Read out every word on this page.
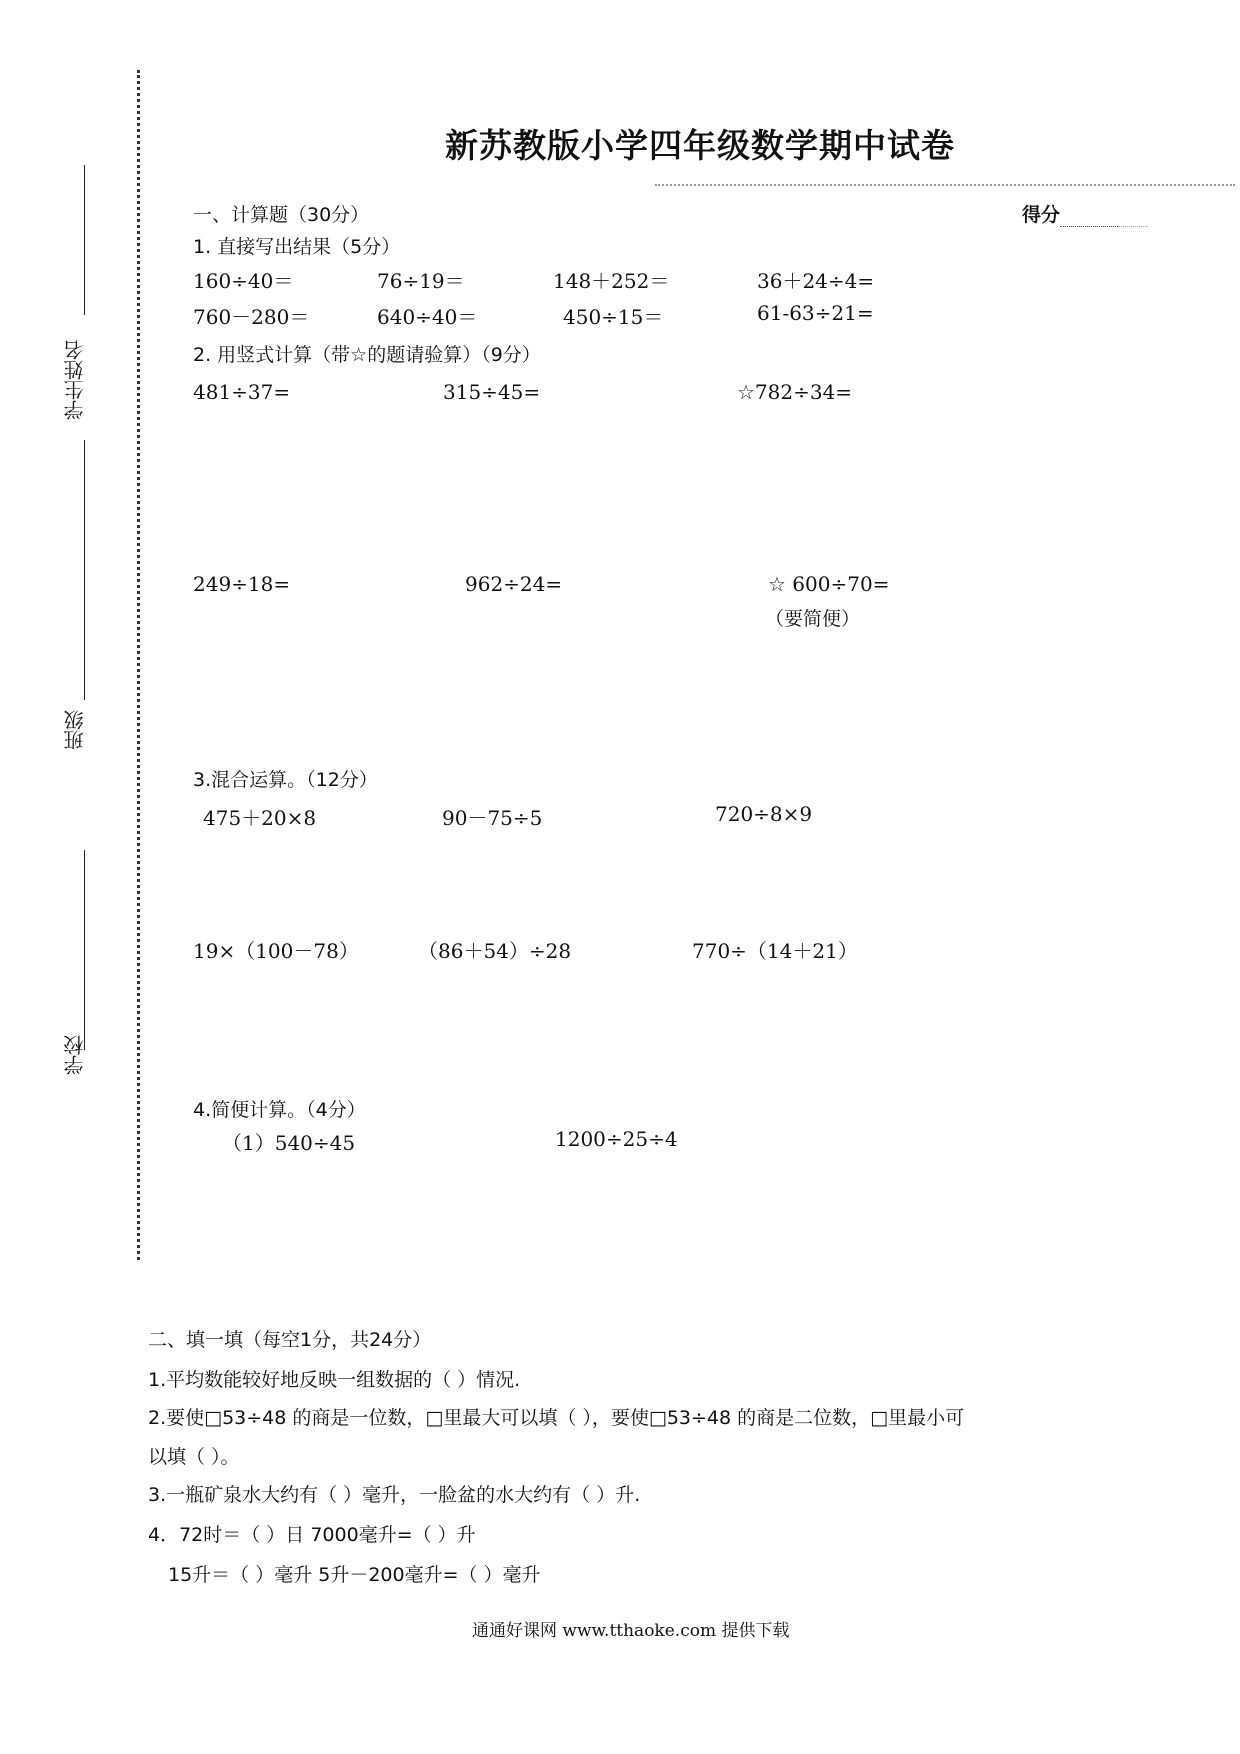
学生姓名
班级
学校
新苏教版小学四年级数学期中试卷
得分
一、计算题（30分）
1. 直接写出结果（5分）
160÷40＝	76÷19＝	148＋252＝	36＋24÷4=
760－280＝	640÷40＝	450÷15＝	61-63÷21=
2. 用竖式计算（带☆的题请验算）（9分）
481÷37=	315÷45=	☆782÷34=
249÷18=	962÷24=	☆ 600÷70=
（要简便）
3.混合运算。（12分）
475＋20×8	90－75÷5	720÷8×9
19×（100－78）	（86＋54）÷28	770÷（14＋21）
4.简便计算。（4分）
（1）540÷45	1200÷25÷4
二、填一填（每空1分，共24分）
1.平均数能较好地反映一组数据的（ ）情况.
2.要使□53÷48 的商是一位数，□里最大可以填（ ），要使□53÷48 的商是二位数，□里最小可
以填（ ）。
3.一瓶矿泉水大约有（ ）毫升，一脸盆的水大约有（ ）升.
4．72时＝（ ）日 7000毫升=（ ）升
15升＝（ ）毫升 5升－200毫升=（ ）毫升
通通好课网 www.tthaoke.com 提供下载
